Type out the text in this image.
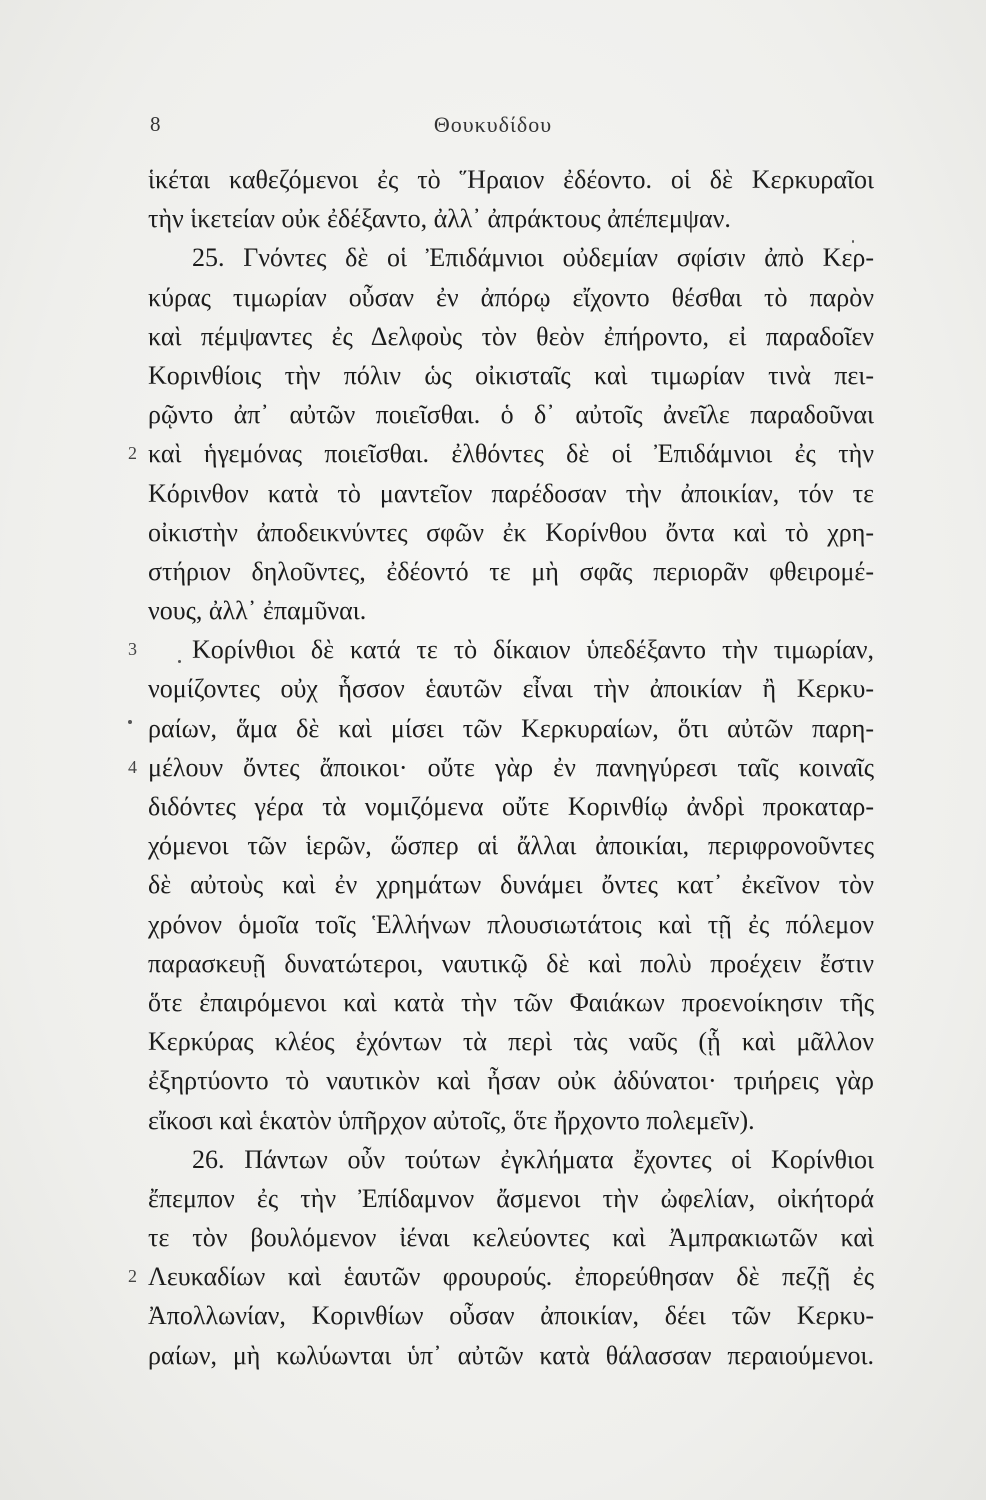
8	Θουκυδίδου
ἱκέται καθεζόμενοι ἐς τὸ Ἥραιον ἐδέοντο. οἱ δὲ Κερκυραῖοι
τὴν ἱκετείαν οὐκ ἐδέξαντο, ἀλλ᾽ ἀπράκτους ἀπέπεμψαν.
25. Γνόντες δὲ οἱ Ἐπιδάμνιοι οὐδεμίαν σφίσιν ἀπὸ Κερ-
κύρας τιμωρίαν οὖσαν ἐν ἀπόρῳ εἴχοντο θέσθαι τὸ παρὸν
καὶ πέμψαντες ἐς Δελφοὺς τὸν θεὸν ἐπήροντο, εἰ παραδοῖεν
Κορινθίοις τὴν πόλιν ὡς οἰκισταῖς καὶ τιμωρίαν τινὰ πει-
ρῷντο ἀπ᾽ αὐτῶν ποιεῖσθαι. ὁ δ᾽ αὐτοῖς ἀνεῖλε παραδοῦναι
2 καὶ ἡγεμόνας ποιεῖσθαι. ἐλθόντες δὲ οἱ Ἐπιδάμνιοι ἐς τὴν
Κόρινθον κατὰ τὸ μαντεῖον παρέδοσαν τὴν ἀποικίαν, τόν τε
οἰκιστὴν ἀποδεικνύντες σφῶν ἐκ Κορίνθου ὄντα καὶ τὸ χρη-
στήριον δηλοῦντες, ἐδέοντό τε μὴ σφᾶς περιορᾶν φθειρομέ-
νους, ἀλλ᾽ ἐπαμῦναι.
3 Κορίνθιοι δὲ κατά τε τὸ δίκαιον ὑπεδέξαντο τὴν τιμωρίαν,
νομίζοντες οὐχ ἧσσον ἑαυτῶν εἶναι τὴν ἀποικίαν ἢ Κερκυ-
ραίων, ἅμα δὲ καὶ μίσει τῶν Κερκυραίων, ὅτι αὐτῶν παρη-
4 μέλουν ὄντες ἄποικοι· οὔτε γὰρ ἐν πανηγύρεσι ταῖς κοιναῖς
διδόντες γέρα τὰ νομιζόμενα οὔτε Κορινθίῳ ἀνδρὶ προκαταρ-
χόμενοι τῶν ἱερῶν, ὥσπερ αἱ ἄλλαι ἀποικίαι, περιφρονοῦντες
δὲ αὐτοὺς καὶ ἐν χρημάτων δυνάμει ὄντες κατ᾽ ἐκεῖνον τὸν
χρόνον ὁμοῖα τοῖς Ἑλλήνων πλουσιωτάτοις καὶ τῇ ἐς πόλεμον
παρασκευῇ δυνατώτεροι, ναυτικῷ δὲ καὶ πολὺ προέχειν ἔστιν
ὅτε ἐπαιρόμενοι καὶ κατὰ τὴν τῶν Φαιάκων προενοίκησιν τῆς
Κερκύρας κλέος ἐχόντων τὰ περὶ τὰς ναῦς (ᾗ καὶ μᾶλλον
ἐξηρτύοντο τὸ ναυτικὸν καὶ ἦσαν οὐκ ἀδύνατοι· τριήρεις γὰρ
εἴκοσι καὶ ἑκατὸν ὑπῆρχον αὐτοῖς, ὅτε ἤρχοντο πολεμεῖν).
26. Πάντων οὖν τούτων ἐγκλήματα ἔχοντες οἱ Κορίνθιοι
ἔπεμπον ἐς τὴν Ἐπίδαμνον ἄσμενοι τὴν ὠφελίαν, οἰκήτορά
τε τὸν βουλόμενον ἰέναι κελεύοντες καὶ Ἀμπρακιωτῶν καὶ
2 Λευκαδίων καὶ ἑαυτῶν φρουρούς. ἐπορεύθησαν δὲ πεζῇ ἐς
Ἀπολλωνίαν, Κορινθίων οὖσαν ἀποικίαν, δέει τῶν Κερκυ-
ραίων, μὴ κωλύωνται ὑπ᾽ αὐτῶν κατὰ θάλασσαν περαιούμενοι.
